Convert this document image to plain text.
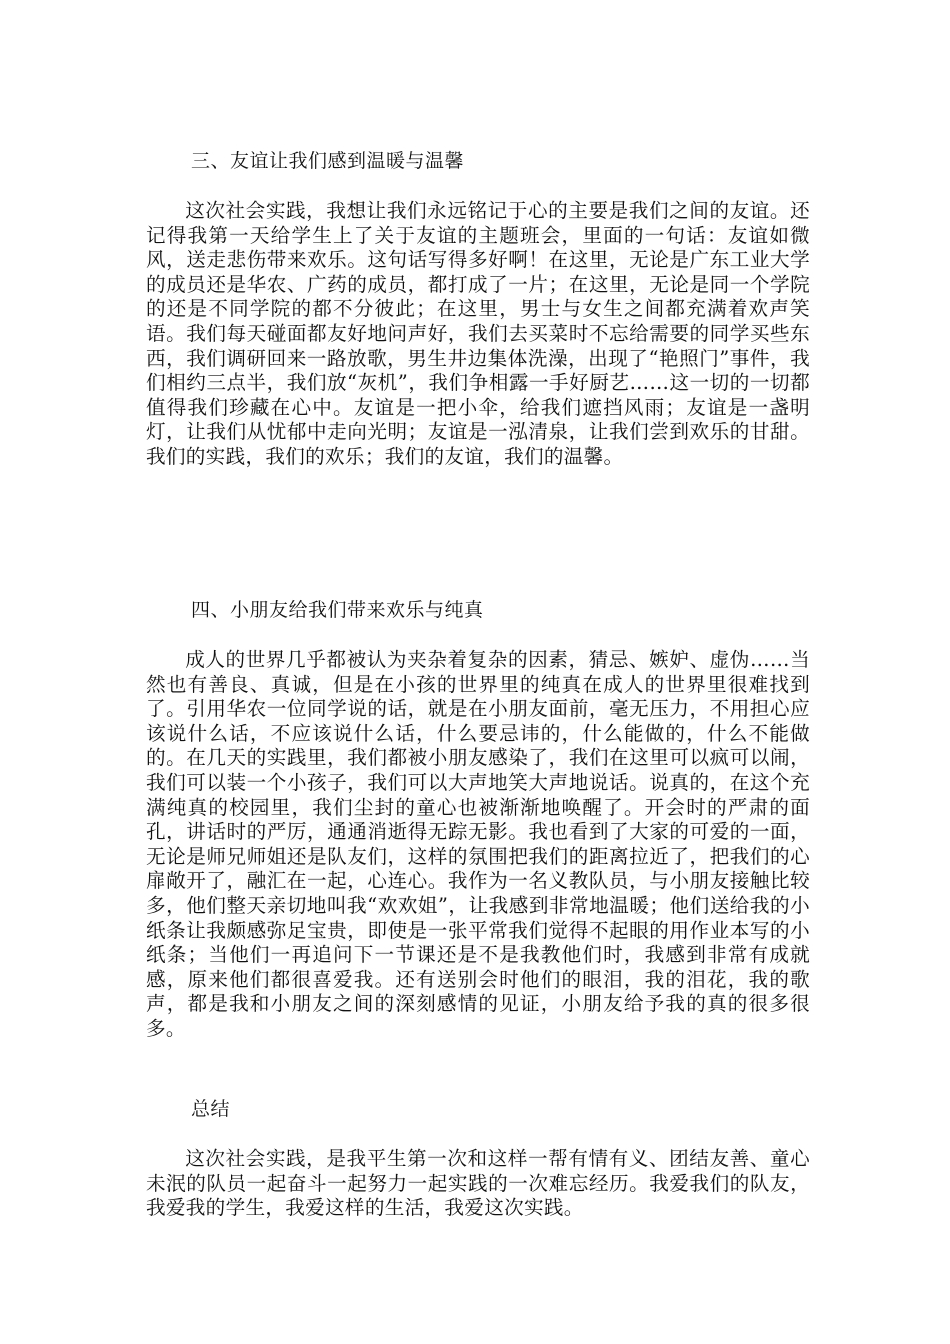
三、友谊让我们感到温暖与温馨

这次社会实践，我想让我们永远铭记于心的主要是我们之间的友谊。还记得我第一天给学生上了关于友谊的主题班会，里面的一句话：友谊如微风，送走悲伤带来欢乐。这句话写得多好啊！在这里，无论是广东工业大学的成员还是华农、广药的成员，都打成了一片；在这里，无论是同一个学院的还是不同学院的都不分彼此；在这里，男士与女生之间都充满着欢声笑语。我们每天碰面都友好地问声好，我们去买菜时不忘给需要的同学买些东西，我们调研回来一路放歌，男生井边集体洗澡，出现了“艳照门”事件，我们相约三点半，我们放“灰机”，我们争相露一手好厨艺……这一切的一切都值得我们珍藏在心中。友谊是一把小伞，给我们遮挡风雨；友谊是一盏明灯，让我们从忧郁中走向光明；友谊是一泓清泉，让我们尝到欢乐的甘甜。我们的实践，我们的欢乐；我们的友谊，我们的温馨。

四、小朋友给我们带来欢乐与纯真

成人的世界几乎都被认为夹杂着复杂的因素，猜忌、嫉妒、虚伪……当然也有善良、真诚，但是在小孩的世界里的纯真在成人的世界里很难找到了。引用华农一位同学说的话，就是在小朋友面前，毫无压力，不用担心应该说什么话，不应该说什么话，什么要忌讳的，什么能做的，什么不能做的。在几天的实践里，我们都被小朋友感染了，我们在这里可以疯可以闹，我们可以装一个小孩子，我们可以大声地笑大声地说话。说真的，在这个充满纯真的校园里，我们尘封的童心也被渐渐地唤醒了。开会时的严肃的面孔，讲话时的严厉，通通消逝得无踪无影。我也看到了大家的可爱的一面，无论是师兄师姐还是队友们，这样的氛围把我们的距离拉近了，把我们的心扉敞开了，融汇在一起，心连心。我作为一名义教队员，与小朋友接触比较多，他们整天亲切地叫我“欢欢姐”，让我感到非常地温暖；他们送给我的小纸条让我颇感弥足宝贵，即使是一张平常我们觉得不起眼的用作业本写的小纸条；当他们一再追问下一节课还是不是我教他们时，我感到非常有成就感，原来他们都很喜爱我。还有送别会时他们的眼泪，我的泪花，我的歌声，都是我和小朋友之间的深刻感情的见证，小朋友给予我的真的很多很多。

总结

这次社会实践，是我平生第一次和这样一帮有情有义、团结友善、童心未泯的队员一起奋斗一起努力一起实践的一次难忘经历。我爱我们的队友，我爱我的学生，我爱这样的生活，我爱这次实践。
